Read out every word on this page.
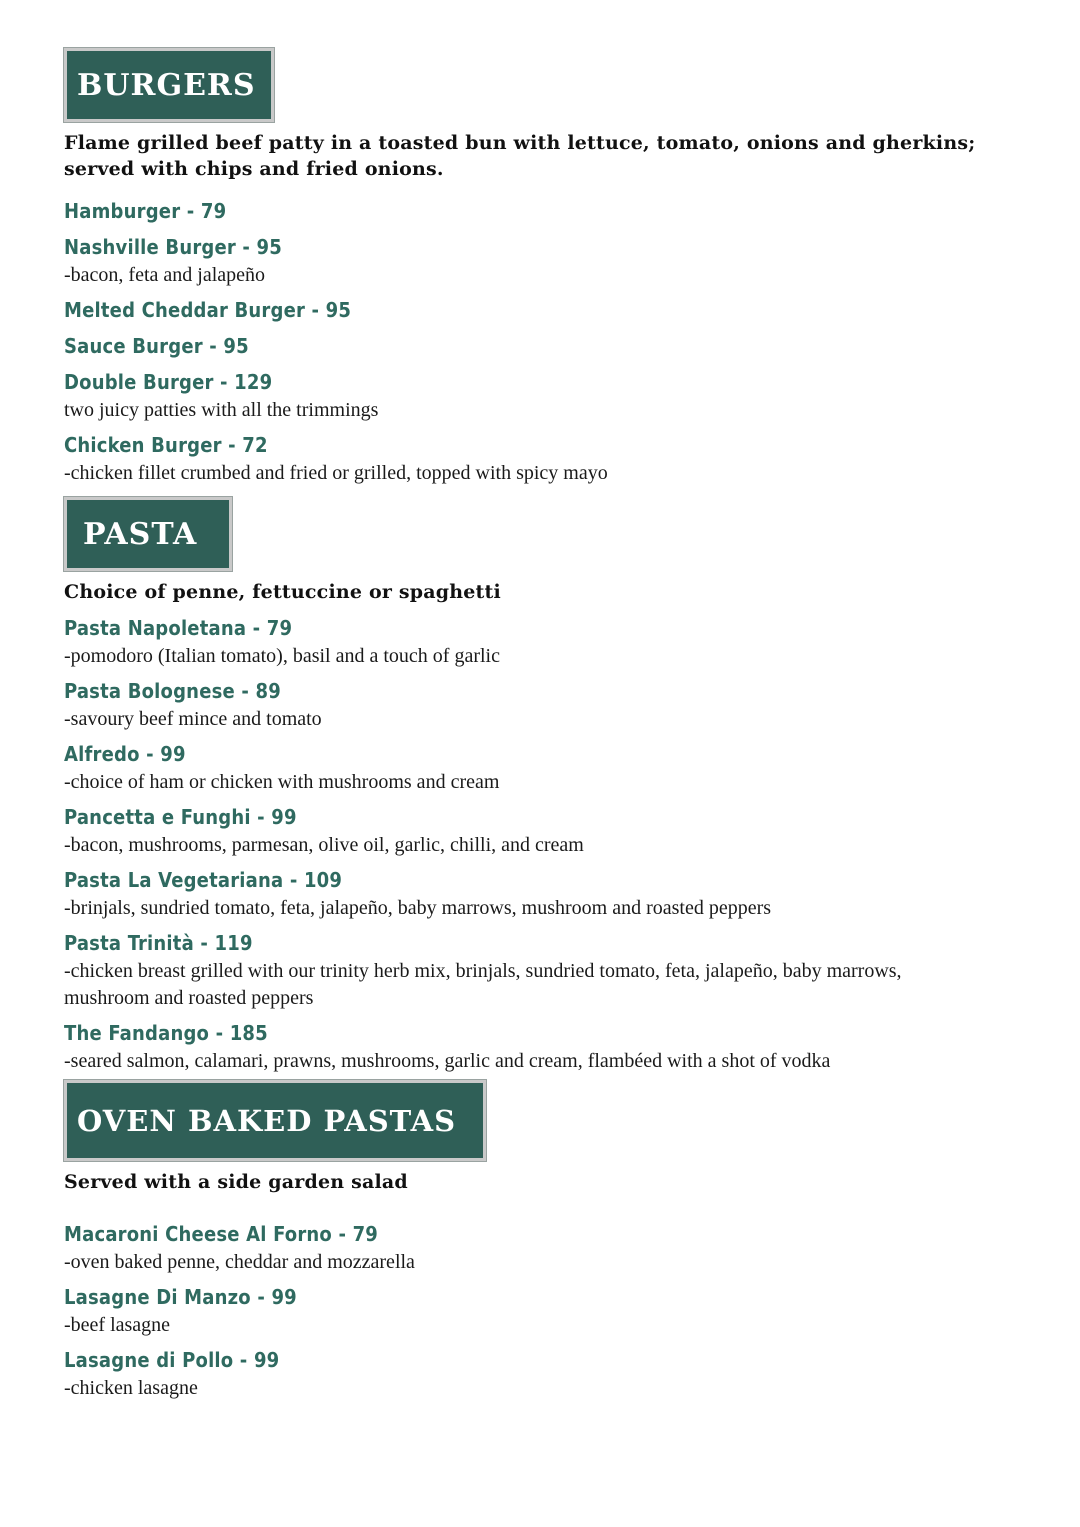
BURGERS
Flame grilled beef patty in a toasted bun with lettuce, tomato, onions and gherkins; served with chips and fried onions.
Hamburger - 79
Nashville Burger - 95
-bacon, feta and jalapeño
Melted Cheddar Burger - 95
Sauce Burger - 95
Double Burger - 129
two juicy patties with all the trimmings
Chicken Burger - 72
-chicken fillet crumbed and fried or grilled, topped with spicy mayo
PASTA
Choice of penne, fettuccine or spaghetti
Pasta Napoletana - 79
-pomodoro (Italian tomato), basil and a touch of garlic
Pasta Bolognese - 89
-savoury beef mince and tomato
Alfredo - 99
-choice of ham or chicken with mushrooms and cream
Pancetta e Funghi - 99
-bacon, mushrooms, parmesan, olive oil, garlic, chilli, and cream
Pasta La Vegetariana - 109
-brinjals, sundried tomato, feta, jalapeño, baby marrows, mushroom and roasted peppers
Pasta Trinità - 119
-chicken breast grilled with our trinity herb mix, brinjals, sundried tomato, feta, jalapeño, baby marrows, mushroom and roasted peppers
The Fandango - 185
-seared salmon, calamari, prawns, mushrooms, garlic and cream, flambéed with a shot of vodka
OVEN BAKED PASTAS
Served with a side garden salad
Macaroni Cheese Al Forno - 79
-oven baked penne, cheddar and mozzarella
Lasagne Di Manzo - 99
-beef lasagne
Lasagne di Pollo - 99
-chicken lasagne
